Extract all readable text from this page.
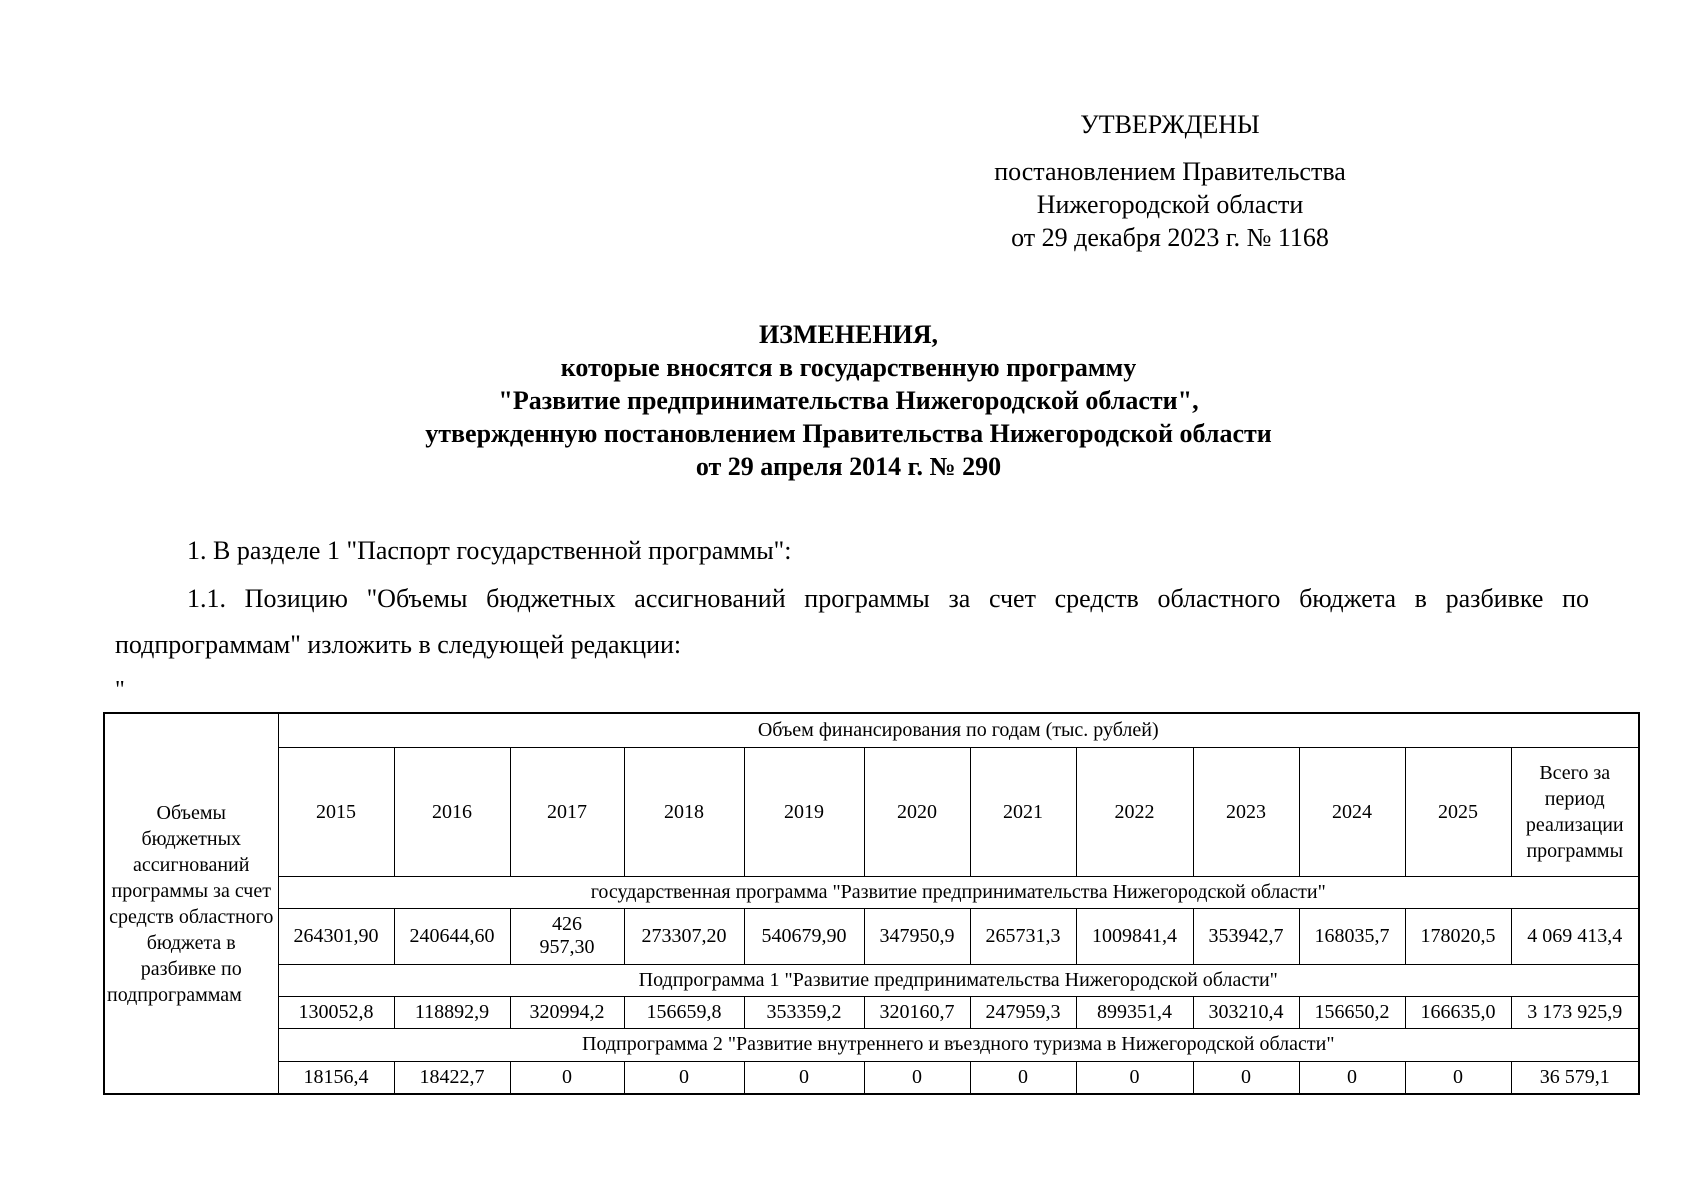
УТВЕРЖДЕНЫ
постановлением Правительства
Нижегородской области
от 29 декабря 2023 г. № 1168
ИЗМЕНЕНИЯ,
которые вносятся в государственную программу
"Развитие предпринимательства Нижегородской области",
утвержденную постановлением Правительства Нижегородской области
от 29 апреля 2014 г. № 290
1. В разделе 1 "Паспорт государственной программы":
1.1. Позицию "Объемы бюджетных ассигнований программы за счет средств областного бюджета в разбивке по подпрограммам" изложить в следующей редакции:
"
Объемы бюджетных ассигнований программы за счет средств областного бюджета в разбивке по подпрограммам	Объем финансирования по годам (тыс. рублей)											
	2015	2016	2017	2018	2019	2020	2021	2022	2023	2024	2025	Всего за период реализации программы
	государственная программа "Развитие предпринимательства Нижегородской области"											
	264301,90	240644,60	426 957,30	273307,20	540679,90	347950,9	265731,3	1009841,4	353942,7	168035,7	178020,5	4 069 413,4
	Подпрограмма 1 "Развитие предпринимательства Нижегородской области"											
	130052,8	118892,9	320994,2	156659,8	353359,2	320160,7	247959,3	899351,4	303210,4	156650,2	166635,0	3 173 925,9
	Подпрограмма 2 "Развитие внутреннего и въездного туризма в Нижегородской области"											
	18156,4	18422,7	0	0	0	0	0	0	0	0	0	36 579,1
